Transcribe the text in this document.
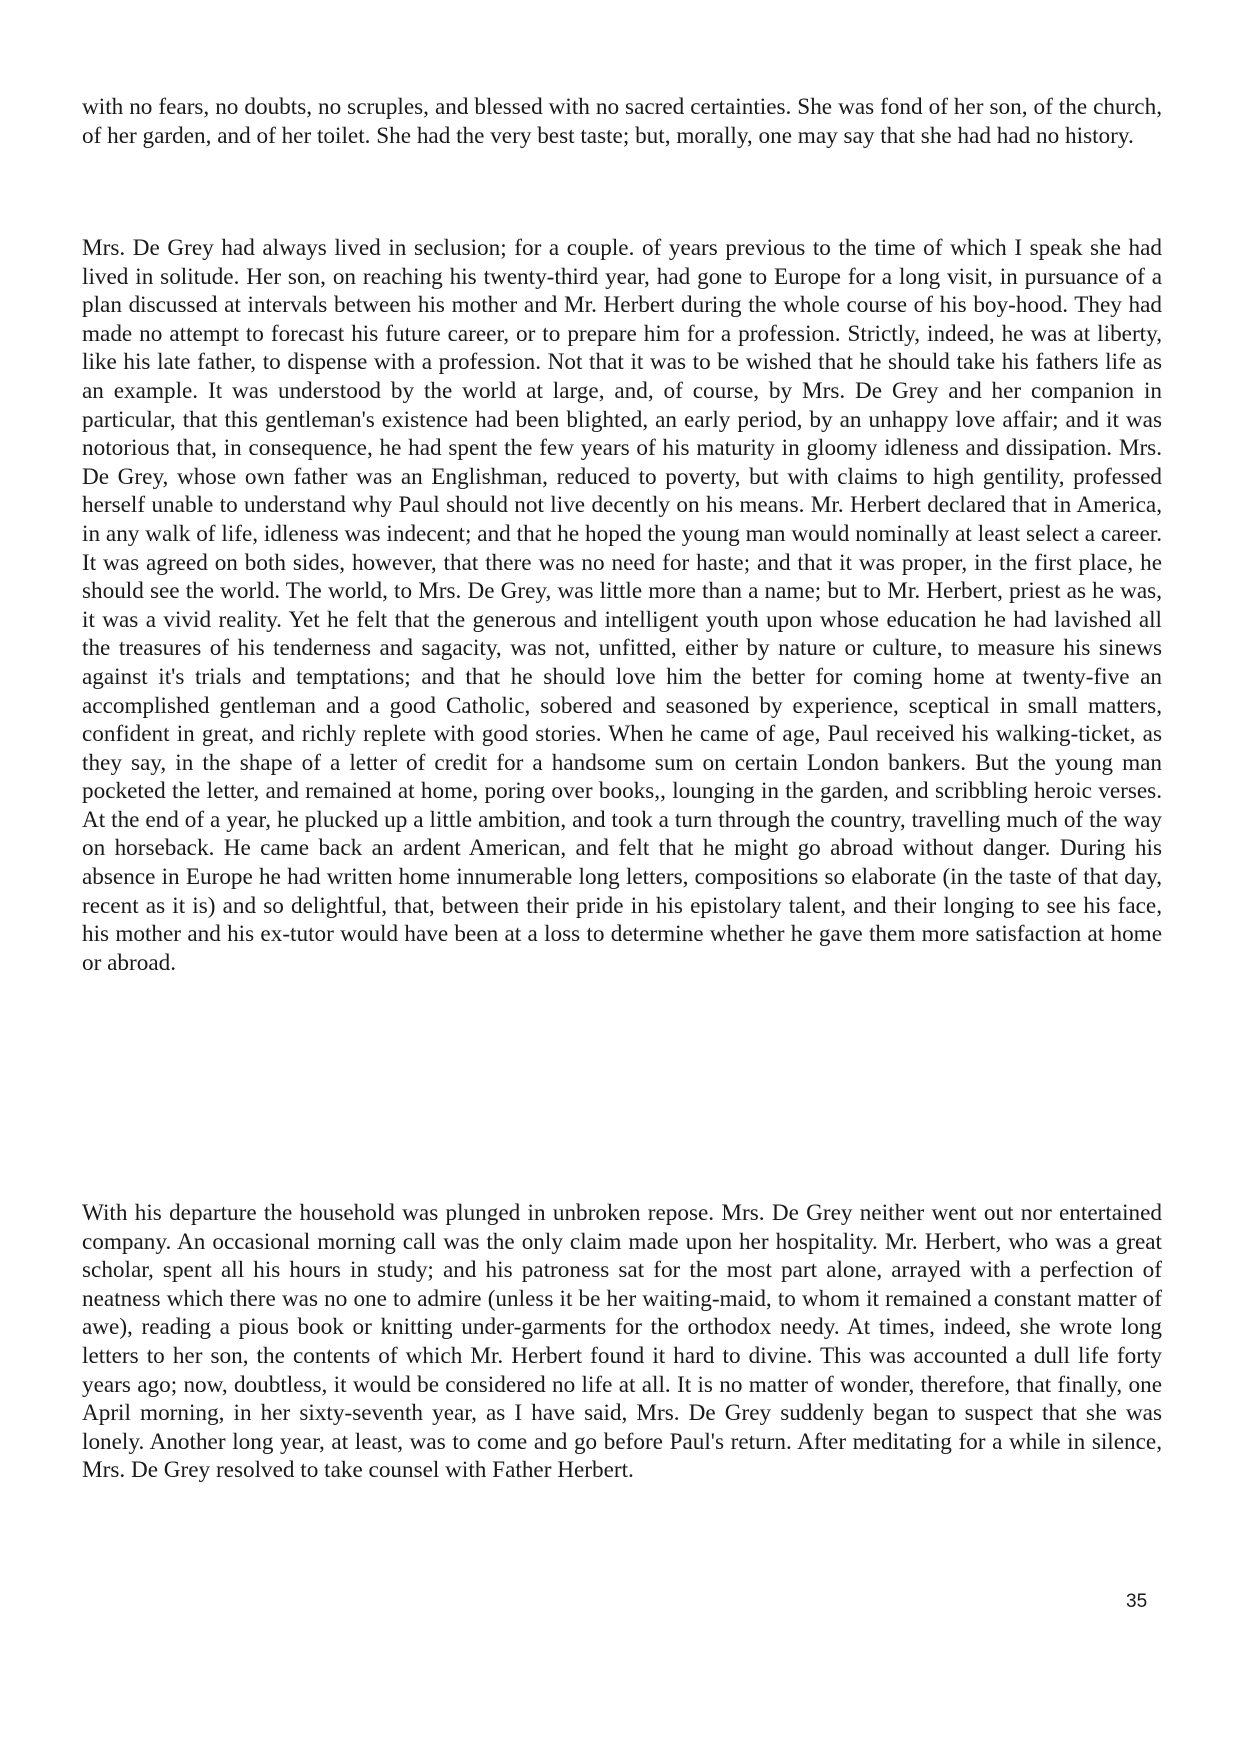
with no fears, no doubts, no scruples, and blessed with no sacred certainties. She was fond of her son, of the church, of her garden, and of her toilet. She had the very best taste; but, morally, one may say that she had had no history.

Mrs. De Grey had always lived in seclusion; for a couple. of years previous to the time of which I speak she had lived in solitude. Her son, on reaching his twenty-third year, had gone to Europe for a long visit, in pursuance of a plan discussed at intervals between his mother and Mr. Herbert during the whole course of his boy-hood. They had made no attempt to forecast his future career, or to prepare him for a profession. Strictly, indeed, he was at liberty, like his late father, to dispense with a profession. Not that it was to be wished that he should take his fathers life as an example. It was understood by the world at large, and, of course, by Mrs. De Grey and her companion in particular, that this gentleman's existence had been blighted, an early period, by an unhappy love affair; and it was notorious that, in consequence, he had spent the few years of his maturity in gloomy idleness and dissipation. Mrs. De Grey, whose own father was an Englishman, reduced to poverty, but with claims to high gentility, professed herself unable to understand why Paul should not live decently on his means. Mr. Herbert declared that in America, in any walk of life, idleness was indecent; and that he hoped the young man would nominally at least select a career. It was agreed on both sides, however, that there was no need for haste; and that it was proper, in the first place, he should see the world. The world, to Mrs. De Grey, was little more than a name; but to Mr. Herbert, priest as he was, it was a vivid reality. Yet he felt that the generous and intelligent youth upon whose education he had lavished all the treasures of his tenderness and sagacity, was not, unfitted, either by nature or culture, to measure his sinews against it's trials and temptations; and that he should love him the better for coming home at twenty-five an accomplished gentleman and a good Catholic, sobered and seasoned by experience, sceptical in small matters, confident in great, and richly replete with good stories. When he came of age, Paul received his walking-ticket, as they say, in the shape of a letter of credit for a handsome sum on certain London bankers. But the young man pocketed the letter, and remained at home, poring over books,, lounging in the garden, and scribbling heroic verses. At the end of a year, he plucked up a little ambition, and took a turn through the country, travelling much of the way on horseback. He came back an ardent American, and felt that he might go abroad without danger. During his absence in Europe he had written home innumerable long letters, compositions so elaborate (in the taste of that day, recent as it is) and so delightful, that, between their pride in his epistolary talent, and their longing to see his face, his mother and his ex-tutor would have been at a loss to determine whether he gave them more satisfaction at home or abroad.

With his departure the household was plunged in unbroken repose. Mrs. De Grey neither went out nor entertained company. An occasional morning call was the only claim made upon her hospitality. Mr. Herbert, who was a great scholar, spent all his hours in study; and his patroness sat for the most part alone, arrayed with a perfection of neatness which there was no one to admire (unless it be her waiting-maid, to whom it remained a constant matter of awe), reading a pious book or knitting under-garments for the orthodox needy. At times, indeed, she wrote long letters to her son, the contents of which Mr. Herbert found it hard to divine. This was accounted a dull life forty years ago; now, doubtless, it would be considered no life at all. It is no matter of wonder, therefore, that finally, one April morning, in her sixty-seventh year, as I have said, Mrs. De Grey suddenly began to suspect that she was lonely. Another long year, at least, was to come and go before Paul's return. After meditating for a while in silence, Mrs. De Grey resolved to take counsel with Father Herbert.

35
